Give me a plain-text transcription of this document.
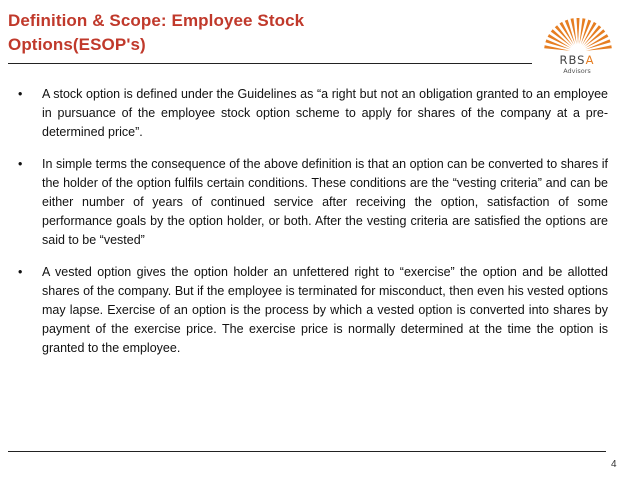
Definition & Scope: Employee Stock
Options(ESOP's)
RBSA
Advisors
• A stock option is defined under the Guidelines as “a right but not an obligation granted to an employee in pursuance of the employee stock option scheme to apply for shares of the company at a pre-determined price”.
• In simple terms the consequence of the above definition is that an option can be converted to shares if the holder of the option fulfils certain conditions. These conditions are the “vesting criteria” and can be either number of years of continued service after receiving the option, satisfaction of some performance goals by the option holder, or both. After the vesting criteria are satisfied the options are said to be “vested”
• A vested option gives the option holder an unfettered right to “exercise” the option and be allotted shares of the company. But if the employee is terminated for misconduct, then even his vested options may lapse. Exercise of an option is the process by which a vested option is converted into shares by payment of the exercise price. The exercise price is normally determined at the time the option is granted to the employee.
4
